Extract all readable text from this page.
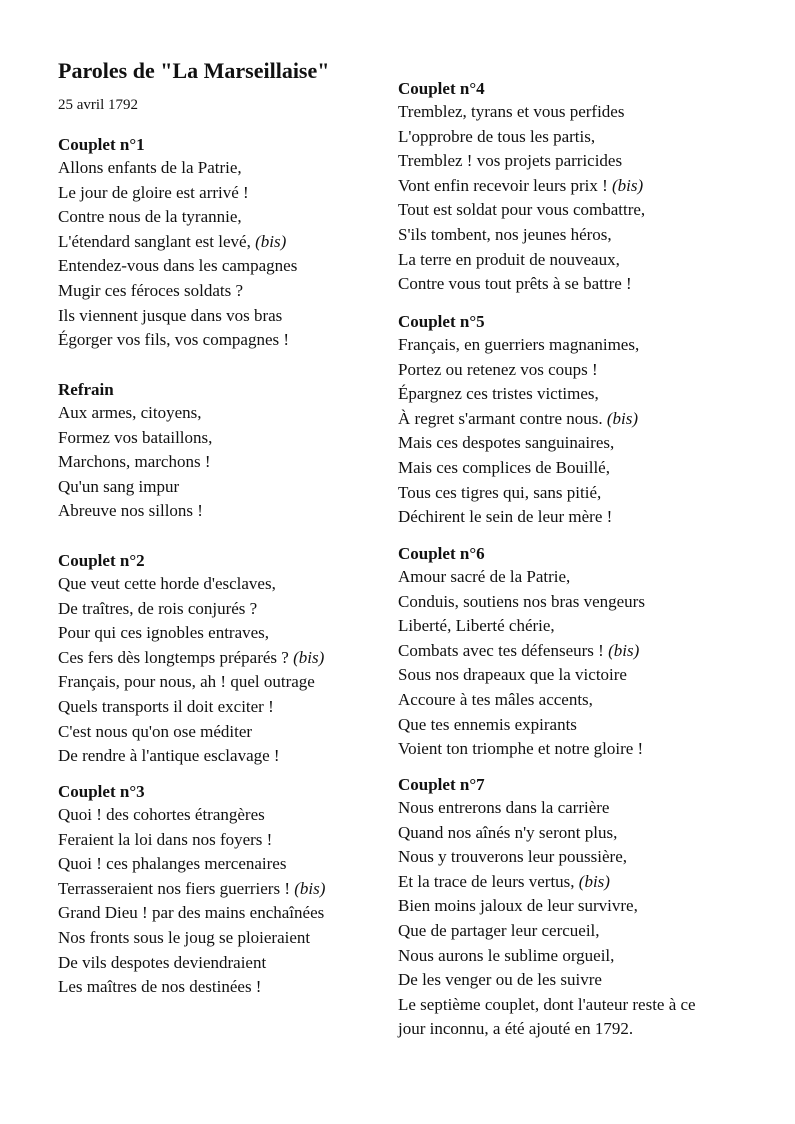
Paroles de "La Marseillaise"

25 avril 1792

Couplet n°1

Allons enfants de la Patrie,

Le jour de gloire est arrivé !

Contre nous de la tyrannie,

L'étendard sanglant est levé, (bis)

Entendez-vous dans les campagnes

Mugir ces féroces soldats ?

Ils viennent jusque dans vos bras

Égorger vos fils, vos compagnes !

Refrain

Aux armes, citoyens,

Formez vos bataillons,

Marchons, marchons !

Qu'un sang impur

Abreuve nos sillons !

Couplet n°2

Que veut cette horde d'esclaves,

De traîtres, de rois conjurés ?

Pour qui ces ignobles entraves,

Ces fers dès longtemps préparés ? (bis)

Français, pour nous, ah ! quel outrage

Quels transports il doit exciter !

C'est nous qu'on ose méditer

De rendre à l'antique esclavage !

Couplet n°3

Quoi ! des cohortes étrangères

Feraient la loi dans nos foyers !

Quoi ! ces phalanges mercenaires

Terrasseraient nos fiers guerriers ! (bis)

Grand Dieu ! par des mains enchaînées

Nos fronts sous le joug se ploieraient

De vils despotes deviendraient

Les maîtres de nos destinées !

Couplet n°4

Tremblez, tyrans et vous perfides

L'opprobre de tous les partis,

Tremblez ! vos projets parricides

Vont enfin recevoir leurs prix ! (bis)

Tout est soldat pour vous combattre,

S'ils tombent, nos jeunes héros,

La terre en produit de nouveaux,

Contre vous tout prêts à se battre !

Couplet n°5

Français, en guerriers magnanimes,

Portez ou retenez vos coups !

Épargnez ces tristes victimes,

À regret s'armant contre nous. (bis)

Mais ces despotes sanguinaires,

Mais ces complices de Bouillé,

Tous ces tigres qui, sans pitié,

Déchirent le sein de leur mère !

Couplet n°6

Amour sacré de la Patrie,

Conduis, soutiens nos bras vengeurs

Liberté, Liberté chérie,

Combats avec tes défenseurs ! (bis)

Sous nos drapeaux que la victoire

Accoure à tes mâles accents,

Que tes ennemis expirants

Voient ton triomphe et notre gloire !

Couplet n°7

Nous entrerons dans la carrière

Quand nos aînés n'y seront plus,

Nous y trouverons leur poussière,

Et la trace de leurs vertus, (bis)

Bien moins jaloux de leur survivre,

Que de partager leur cercueil,

Nous aurons le sublime orgueil,

De les venger ou de les suivre

Le septième couplet, dont l'auteur reste à ce

jour inconnu, a été ajouté en 1792.
